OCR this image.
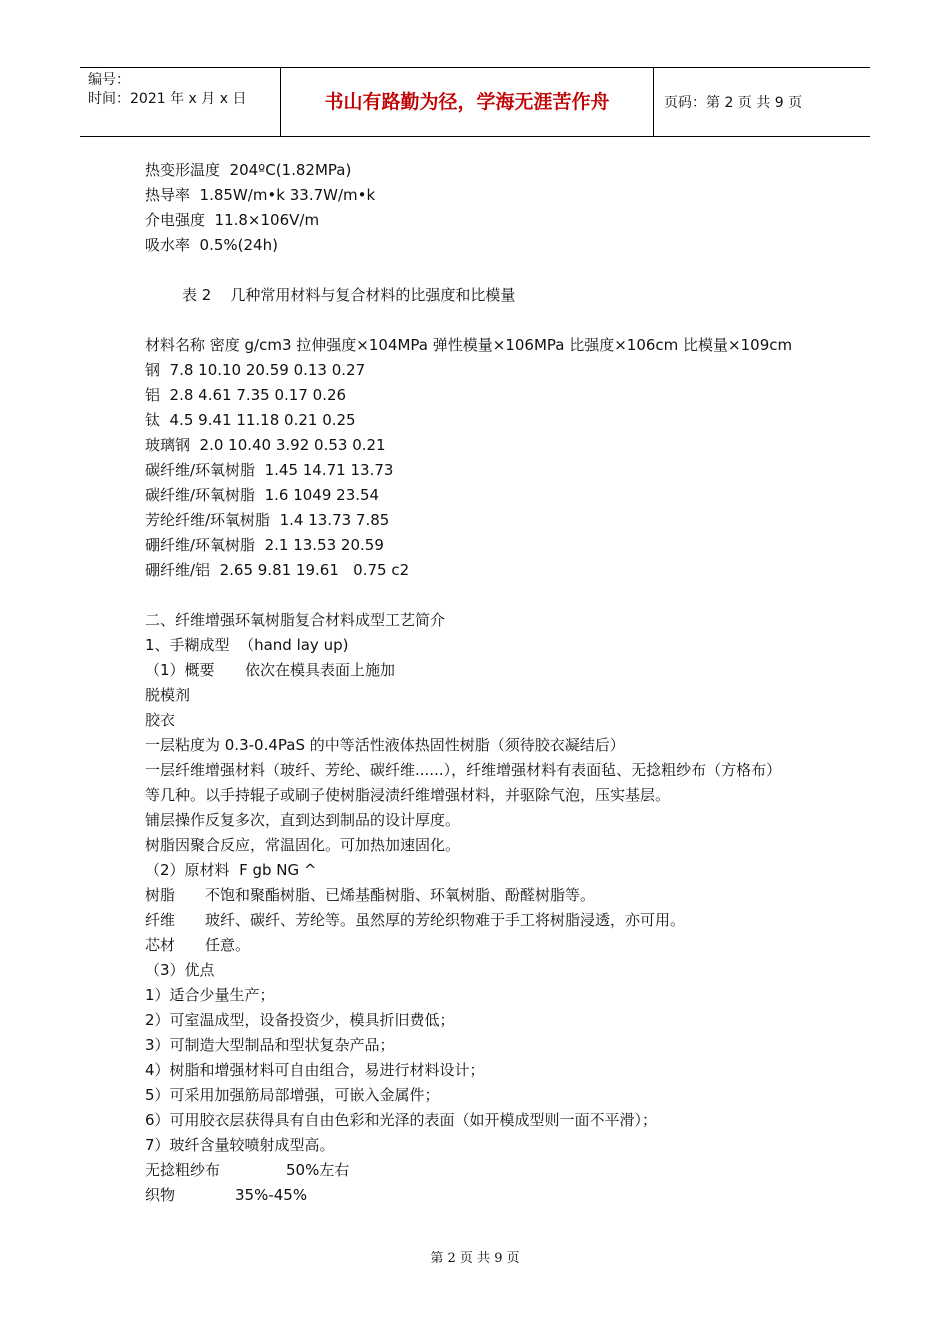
编号：
时间：2021 年 x 月 x 日	书山有路勤为径，学海无涯苦作舟	页码：第 2 页 共 9 页
热变形温度  204ºC(1.82MPa)
热导率  1.85W/m•k 33.7W/m•k
介电强度  11.8×106V/m
吸水率  0.5%(24h)
表 2    几种常用材料与复合材料的比强度和比模量
材料名称 密度 g/cm3 拉伸强度×104MPa 弹性模量×106MPa 比强度×106cm 比模量×109cm
钢  7.8 10.10 20.59 0.13 0.27
铝  2.8 4.61 7.35 0.17 0.26
钛  4.5 9.41 11.18 0.21 0.25
玻璃钢  2.0 10.40 3.92 0.53 0.21
碳纤维/环氧树脂  1.45 14.71 13.73
碳纤维/环氧树脂  1.6 1049 23.54
芳纶纤维/环氧树脂  1.4 13.73 7.85
硼纤维/环氧树脂  2.1 13.53 20.59
硼纤维/铝  2.65 9.81 19.61   0.75 c2
二、纤维增强环氧树脂复合材料成型工艺简介
1、手糊成型  （hand lay up)
（1）概要 依次在模具表面上施加
脱模剂
胶衣
一层粘度为 0.3-0.4PaS 的中等活性液体热固性树脂（须待胶衣凝结后）
一层纤维增强材料（玻纤、芳纶、碳纤维......），纤维增强材料有表面毡、无捻粗纱布（方格布）等几种。以手持辊子或刷子使树脂浸渍纤维增强材料，并驱除气泡，压实基层。
铺层操作反复多次，直到达到制品的设计厚度。
树脂因聚合反应，常温固化。可加热加速固化。
（2）原材料  F gb NG ^
树脂 不饱和聚酯树脂、已烯基酯树脂、环氧树脂、酚醛树脂等。
纤维 玻纤、碳纤、芳纶等。虽然厚的芳纶织物难于手工将树脂浸透，亦可用。
芯材 任意。
（3）优点
1）适合少量生产；
2）可室温成型，设备投资少，模具折旧费低；
3）可制造大型制品和型状复杂产品；
4）树脂和增强材料可自由组合，易进行材料设计；
5）可采用加强筋局部增强，可嵌入金属件；
6）可用胶衣层获得具有自由色彩和光泽的表面（如开模成型则一面不平滑）；
7）玻纤含量较喷射成型高。
无捻粗纱布	50%左右
织物	35%-45%
第 2 页 共 9 页
